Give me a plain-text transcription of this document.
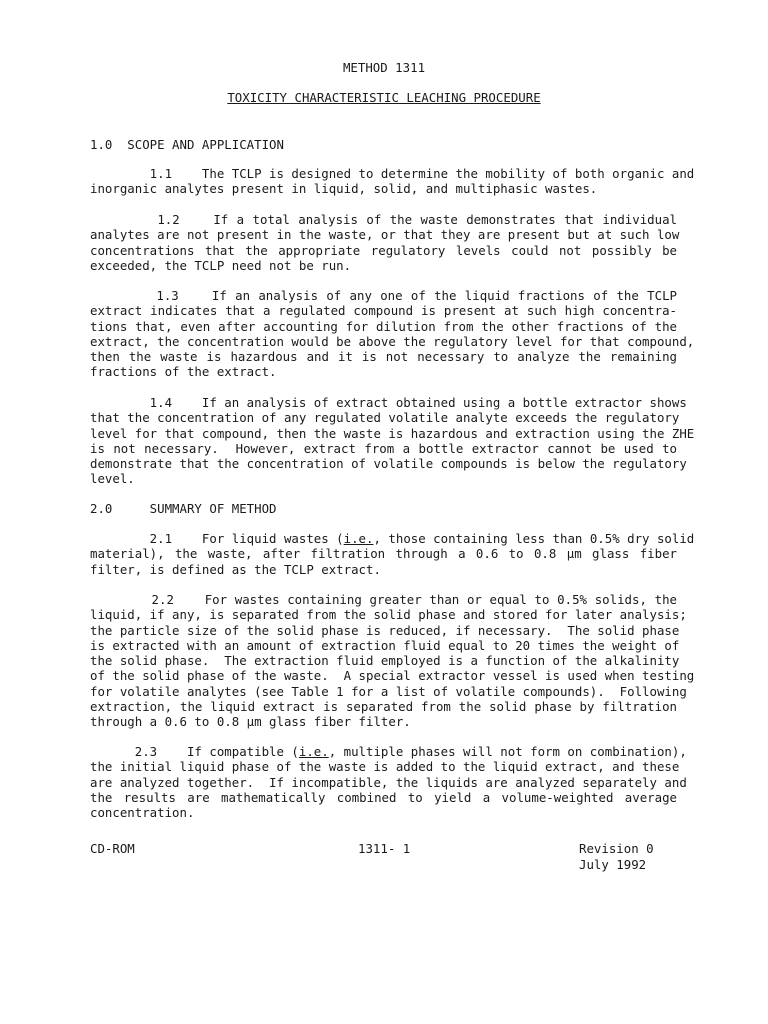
METHOD 1311
TOXICITY CHARACTERISTIC LEACHING PROCEDURE
1.0  SCOPE AND APPLICATION
1.1    The TCLP is designed to determine the mobility of both organic and
inorganic analytes present in liquid, solid, and multiphasic wastes.
1.2    If a total analysis of the waste demonstrates that individual
analytes are not present in the waste, or that they are present but at such low
concentrations that the appropriate regulatory levels could not possibly be
exceeded, the TCLP need not be run.
1.3    If an analysis of any one of the liquid fractions of the TCLP
extract indicates that a regulated compound is present at such high concentra-
tions that, even after accounting for dilution from the other fractions of the
extract, the concentration would be above the regulatory level for that compound,
then the waste is hazardous and it is not necessary to analyze the remaining
fractions of the extract.
1.4    If an analysis of extract obtained using a bottle extractor shows
that the concentration of any regulated volatile analyte exceeds the regulatory
level for that compound, then the waste is hazardous and extraction using the ZHE
is not necessary.  However, extract from a bottle extractor cannot be used to
demonstrate that the concentration of volatile compounds is below the regulatory
level.
2.0     SUMMARY OF METHOD
2.1    For liquid wastes (i.e., those containing less than 0.5% dry solid
material), the waste, after filtration through a 0.6 to 0.8 µm glass fiber
filter, is defined as the TCLP extract.
2.2    For wastes containing greater than or equal to 0.5% solids, the
liquid, if any, is separated from the solid phase and stored for later analysis;
the particle size of the solid phase is reduced, if necessary.  The solid phase
is extracted with an amount of extraction fluid equal to 20 times the weight of
the solid phase.  The extraction fluid employed is a function of the alkalinity
of the solid phase of the waste.  A special extractor vessel is used when testing
for volatile analytes (see Table 1 for a list of volatile compounds).  Following
extraction, the liquid extract is separated from the solid phase by filtration
through a 0.6 to 0.8 µm glass fiber filter.
2.3    If compatible (i.e., multiple phases will not form on combination),
the initial liquid phase of the waste is added to the liquid extract, and these
are analyzed together.  If incompatible, the liquids are analyzed separately and
the results are mathematically combined to yield a volume-weighted average
concentration.
CD-ROM	1311- 1	Revision 0
July 1992
